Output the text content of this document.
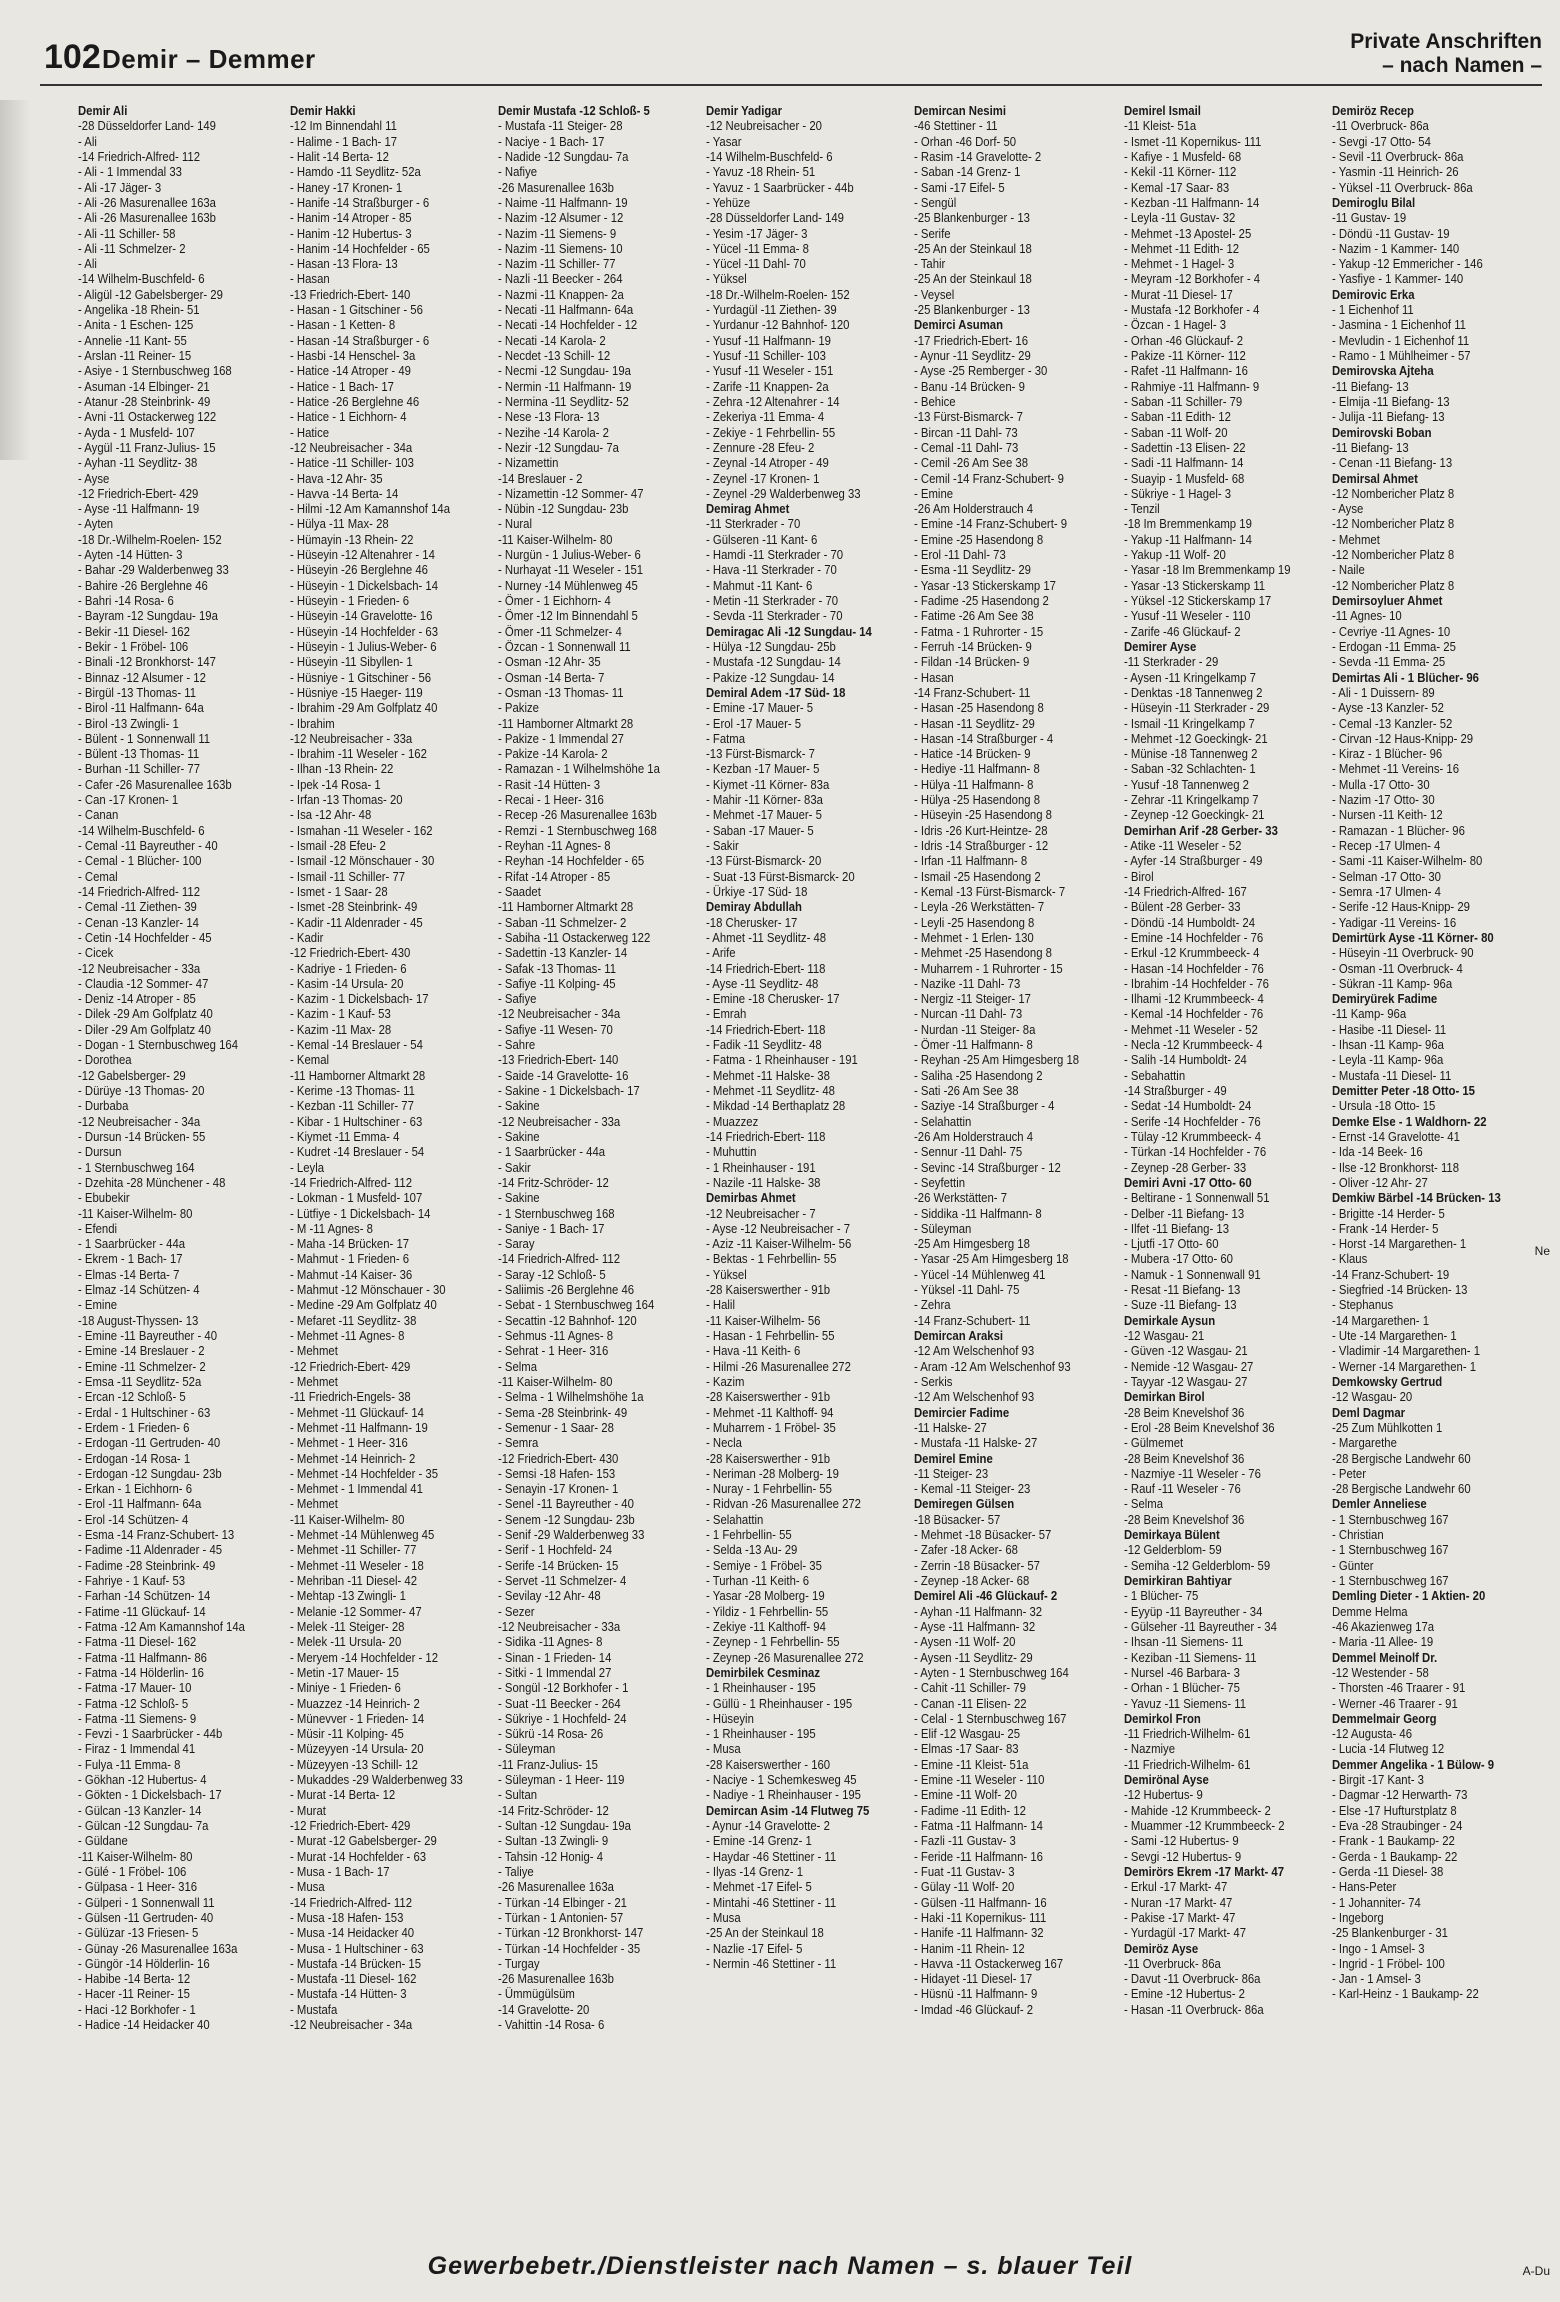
102 Demir – Demmer
Private Anschriften
– nach Namen –
Demir Ali
-28 Düsseldorfer Land- 149
- Ali
-14 Friedrich-Alfred- 112
- Ali - 1 Immendal 33
- Ali -17 Jäger- 3
- Ali -26 Masurenallee 163a
- Ali -26 Masurenallee 163b
- Ali -11 Schiller- 58
- Ali -11 Schmelzer- 2
- Ali
-14 Wilhelm-Buschfeld- 6
- Aligül -12 Gabelsberger- 29
- Angelika -18 Rhein- 51
- Anita - 1 Eschen- 125
- Annelie -11 Kant- 55
- Arslan -11 Reiner- 15
- Asiye - 1 Sternbuschweg 168
- Asuman -14 Elbinger- 21
- Atanur -28 Steinbrink- 49
- Avni -11 Ostackerweg 122
- Ayda - 1 Musfeld- 107
- Aygül -11 Franz-Julius- 15
- Ayhan -11 Seydlitz- 38
- Ayse
-12 Friedrich-Ebert- 429
- Ayse -11 Halfmann- 19
- Ayten
-18 Dr.-Wilhelm-Roelen- 152
- Ayten -14 Hütten- 3
- Bahar -29 Walderbenweg 33
- Bahire -26 Berglehne 46
- Bahri -14 Rosa- 6
- Bayram -12 Sungdau- 19a
- Bekir -11 Diesel- 162
- Bekir - 1 Fröbel- 106
- Binali -12 Bronkhorst- 147
- Binnaz -12 Alsumer - 12
- Birgül -13 Thomas- 11
- Birol -11 Halfmann- 64a
- Birol -13 Zwingli- 1
- Bülent - 1 Sonnenwall 11
- Bülent -13 Thomas- 11
- Burhan -11 Schiller- 77
- Cafer -26 Masurenallee 163b
- Can -17 Kronen- 1
- Canan
-14 Wilhelm-Buschfeld- 6
- Cemal -11 Bayreuther - 40
- Cemal - 1 Blücher- 100
- Cemal
-14 Friedrich-Alfred- 112
- Cemal -11 Ziethen- 39
- Cenan -13 Kanzler- 14
- Cetin -14 Hochfelder - 45
- Cicek
-12 Neubreisacher - 33a
- Claudia -12 Sommer- 47
- Deniz -14 Atroper - 85
- Dilek -29 Am Golfplatz 40
- Diler -29 Am Golfplatz 40
- Dogan - 1 Sternbuschweg 164
- Dorothea
-12 Gabelsberger- 29
- Dürüye -13 Thomas- 20
- Durbaba
-12 Neubreisacher - 34a
- Dursun -14 Brücken- 55
- Dursun
- 1 Sternbuschweg 164
- Dzehita -28 Münchener - 48
- Ebubekir
-11 Kaiser-Wilhelm- 80
- Efendi
- 1 Saarbrücker - 44a
- Ekrem - 1 Bach- 17
- Elmas -14 Berta- 7
- Elmaz -14 Schützen- 4
- Emine
-18 August-Thyssen- 13
- Emine -11 Bayreuther - 40
- Emine -14 Breslauer - 2
- Emine -11 Schmelzer- 2
- Emsa -11 Seydlitz- 52a
- Ercan -12 Schloß- 5
- Erdal - 1 Hultschiner - 63
- Erdem - 1 Frieden- 6
- Erdogan -11 Gertruden- 40
- Erdogan -14 Rosa- 1
- Erdogan -12 Sungdau- 23b
- Erkan - 1 Eichhorn- 6
- Erol -11 Halfmann- 64a
- Erol -14 Schützen- 4
- Esma -14 Franz-Schubert- 13
- Fadime -11 Aldenrader - 45
- Fadime -28 Steinbrink- 49
- Fahriye - 1 Kauf- 53
- Farhan -14 Schützen- 14
- Fatime -11 Glückauf- 14
- Fatma -12 Am Kamannshof 14a
- Fatma -11 Diesel- 162
- Fatma -11 Halfmann- 86
- Fatma -14 Hölderlin- 16
- Fatma -17 Mauer- 10
- Fatma -12 Schloß- 5
- Fatma -11 Siemens- 9
- Fevzi - 1 Saarbrücker - 44b
- Firaz - 1 Immendal 41
- Fulya -11 Emma- 8
- Gökhan -12 Hubertus- 4
- Gökten - 1 Dickelsbach- 17
- Gülcan -13 Kanzler- 14
- Gülcan -12 Sungdau- 7a
- Güldane
-11 Kaiser-Wilhelm- 80
- Gülé - 1 Fröbel- 106
- Gülpasa - 1 Heer- 316
- Gülperi - 1 Sonnenwall 11
- Gülsen -11 Gertruden- 40
- Gülüzar -13 Friesen- 5
- Günay -26 Masurenallee 163a
- Güngör -14 Hölderlin- 16
- Habibe -14 Berta- 12
- Hacer -11 Reiner- 15
- Haci -12 Borkhofer - 1
- Hadice -14 Heidacker 40
Demir Hakki
-12 Im Binnendahl 11
- Halime - 1 Bach- 17
- Halit -14 Berta- 12
- Hamdo -11 Seydlitz- 52a
- Haney -17 Kronen- 1
- Hanife -14 Straßburger - 6
- Hanim -14 Atroper - 85
- Hanim -12 Hubertus- 3
- Hanim -14 Hochfelder - 65
- Hasan -13 Flora- 13
- Hasan
-13 Friedrich-Ebert- 140
- Hasan - 1 Gitschiner - 56
- Hasan - 1 Ketten- 8
- Hasan -14 Straßburger - 6
- Hasbi -14 Henschel- 3a
- Hatice -14 Atroper - 49
- Hatice - 1 Bach- 17
- Hatice -26 Berglehne 46
- Hatice - 1 Eichhorn- 4
- Hatice
-12 Neubreisacher - 34a
- Hatice -11 Schiller- 103
- Hava -12 Ahr- 35
- Havva -14 Berta- 14
- Hilmi -12 Am Kamannshof 14a
- Hülya -11 Max- 28
- Hümayin -13 Rhein- 22
- Hüseyin -12 Altenahrer - 14
- Hüseyin -26 Berglehne 46
- Hüseyin - 1 Dickelsbach- 14
- Hüseyin - 1 Frieden- 6
- Hüseyin -14 Gravelotte- 16
- Hüseyin -14 Hochfelder - 63
- Hüseyin - 1 Julius-Weber- 6
- Hüseyin -11 Sibyllen- 1
- Hüsniye - 1 Gitschiner - 56
- Hüsniye -15 Haeger- 119
- Ibrahim -29 Am Golfplatz 40
- Ibrahim
-12 Neubreisacher - 33a
- Ibrahim -11 Weseler - 162
- Ilhan -13 Rhein- 22
- Ipek -14 Rosa- 1
- Irfan -13 Thomas- 20
- Isa -12 Ahr- 48
- Ismahan -11 Weseler - 162
- Ismail -28 Efeu- 2
- Ismail -12 Mönschauer - 30
- Ismail -11 Schiller- 77
- Ismet - 1 Saar- 28
- Ismet -28 Steinbrink- 49
- Kadir -11 Aldenrader - 45
- Kadir
-12 Friedrich-Ebert- 430
- Kadriye - 1 Frieden- 6
- Kasim -14 Ursula- 20
- Kazim - 1 Dickelsbach- 17
- Kazim - 1 Kauf- 53
- Kazim -11 Max- 28
- Kemal -14 Breslauer - 54
- Kemal
-11 Hamborner Altmarkt 28
- Kerime -13 Thomas- 11
- Kezban -11 Schiller- 77
- Kibar - 1 Hultschiner - 63
- Kiymet -11 Emma- 4
- Kudret -14 Breslauer - 54
- Leyla
-14 Friedrich-Alfred- 112
- Lokman - 1 Musfeld- 107
- Lütfiye - 1 Dickelsbach- 14
- M -11 Agnes- 8
- Maha -14 Brücken- 17
- Mahmut - 1 Frieden- 6
- Mahmut -14 Kaiser- 36
- Mahmut -12 Mönschauer - 30
- Medine -29 Am Golfplatz 40
- Mefaret -11 Seydlitz- 38
- Mehmet -11 Agnes- 8
- Mehmet
-12 Friedrich-Ebert- 429
- Mehmet
-11 Friedrich-Engels- 38
- Mehmet -11 Glückauf- 14
- Mehmet -11 Halfmann- 19
- Mehmet - 1 Heer- 316
- Mehmet -14 Heinrich- 2
- Mehmet -14 Hochfelder - 35
- Mehmet - 1 Immendal 41
- Mehmet
-11 Kaiser-Wilhelm- 80
- Mehmet -14 Mühlenweg 45
- Mehmet -11 Schiller- 77
- Mehmet -11 Weseler - 18
- Mehriban -11 Diesel- 42
- Mehtap -13 Zwingli- 1
- Melanie -12 Sommer- 47
- Melek -11 Steiger- 28
- Melek -11 Ursula- 20
- Meryem -14 Hochfelder - 12
- Metin -17 Mauer- 15
- Miniye - 1 Frieden- 6
- Muazzez -14 Heinrich- 2
- Münevver - 1 Frieden- 14
- Müsir -11 Kolping- 45
- Müzeyyen -14 Ursula- 20
- Müzeyyen -13 Schill- 12
- Mukaddes -29 Walderbenweg 33
- Murat -14 Berta- 12
- Murat
-12 Friedrich-Ebert- 429
- Murat -12 Gabelsberger- 29
- Murat -14 Hochfelder - 63
- Musa - 1 Bach- 17
- Musa
-14 Friedrich-Alfred- 112
- Musa -18 Hafen- 153
- Musa -14 Heidacker 40
- Musa - 1 Hultschiner - 63
- Mustafa -14 Brücken- 15
- Mustafa -11 Diesel- 162
- Mustafa -14 Hütten- 3
- Mustafa
-12 Neubreisacher - 34a
Demir Mustafa -12 Schloß- 5
- Mustafa -11 Steiger- 28
- Naciye - 1 Bach- 17
- Nadide -12 Sungdau- 7a
- Nafiye
-26 Masurenallee 163b
- Naime -11 Halfmann- 19
- Nazim -12 Alsumer - 12
- Nazim -11 Siemens- 9
- Nazim -11 Siemens- 10
- Nazim -11 Schiller- 77
- Nazli -11 Beecker - 264
- Nazmi -11 Knappen- 2a
- Necati -11 Halfmann- 64a
- Necati -14 Hochfelder - 12
- Necati -14 Karola- 2
- Necdet -13 Schill- 12
- Necmi -12 Sungdau- 19a
- Nermin -11 Halfmann- 19
- Nermina -11 Seydlitz- 52
- Nese -13 Flora- 13
- Nezihe -14 Karola- 2
- Nezir -12 Sungdau- 7a
- Nizamettin
-14 Breslauer - 2
- Nizamettin -12 Sommer- 47
- Nübin -12 Sungdau- 23b
- Nural
-11 Kaiser-Wilhelm- 80
- Nurgün - 1 Julius-Weber- 6
- Nurhayat -11 Weseler - 151
- Nurney -14 Mühlenweg 45
- Ömer - 1 Eichhorn- 4
- Ömer -12 Im Binnendahl 5
- Ömer -11 Schmelzer- 4
- Özcan - 1 Sonnenwall 11
- Osman -12 Ahr- 35
- Osman -14 Berta- 7
- Osman -13 Thomas- 11
- Pakize
-11 Hamborner Altmarkt 28
- Pakize - 1 Immendal 27
- Pakize -14 Karola- 2
- Ramazan - 1 Wilhelmshöhe 1a
- Rasit -14 Hütten- 3
- Recai - 1 Heer- 316
- Recep -26 Masurenallee 163b
- Remzi - 1 Sternbuschweg 168
- Reyhan -11 Agnes- 8
- Reyhan -14 Hochfelder - 65
- Rifat -14 Atroper - 85
- Saadet
-11 Hamborner Altmarkt 28
- Saban -11 Schmelzer- 2
- Sabiha -11 Ostackerweg 122
- Sadettin -13 Kanzler- 14
- Safak -13 Thomas- 11
- Safiye -11 Kolping- 45
- Safiye
-12 Neubreisacher - 34a
- Safiye -11 Wesen- 70
- Sahre
-13 Friedrich-Ebert- 140
- Saide -14 Gravelotte- 16
- Sakine - 1 Dickelsbach- 17
- Sakine
-12 Neubreisacher - 33a
- Sakine
- 1 Saarbrücker - 44a
- Sakir
-14 Fritz-Schröder- 12
- Sakine
- 1 Sternbuschweg 168
- Saniye - 1 Bach- 17
- Saray
-14 Friedrich-Alfred- 112
- Saray -12 Schloß- 5
- Saliimis -26 Berglehne 46
- Sebat - 1 Sternbuschweg 164
- Secattin -12 Bahnhof- 120
- Sehmus -11 Agnes- 8
- Sehrat - 1 Heer- 316
- Selma
-11 Kaiser-Wilhelm- 80
- Selma - 1 Wilhelmshöhe 1a
- Sema -28 Steinbrink- 49
- Semenur - 1 Saar- 28
- Semra
-12 Friedrich-Ebert- 430
- Semsi -18 Hafen- 153
- Senayin -17 Kronen- 1
- Senel -11 Bayreuther - 40
- Senem -12 Sungdau- 23b
- Senif -29 Walderbenweg 33
- Serif - 1 Hochfeld- 24
- Serife -14 Brücken- 15
- Servet -11 Schmelzer- 4
- Sevilay -12 Ahr- 48
- Sezer
-12 Neubreisacher - 33a
- Sidika -11 Agnes- 8
- Sinan - 1 Frieden- 14
- Sitki - 1 Immendal 27
- Songül -12 Borkhofer - 1
- Suat -11 Beecker - 264
- Sükriye - 1 Hochfeld- 24
- Sükrü -14 Rosa- 26
- Süleyman
-11 Franz-Julius- 15
- Süleyman - 1 Heer- 119
- Sultan
-14 Fritz-Schröder- 12
- Sultan -12 Sungdau- 19a
- Sultan -13 Zwingli- 9
- Tahsin -12 Honig- 4
- Taliye
-26 Masurenallee 163a
- Türkan -14 Elbinger - 21
- Türkan - 1 Antonien- 57
- Türkan -12 Bronkhorst- 147
- Türkan -14 Hochfelder - 35
- Turgay
-26 Masurenallee 163b
- Ümmügülsüm
-14 Gravelotte- 20
- Vahittin -14 Rosa- 6
Demir Yadigar
-12 Neubreisacher - 20
- Yasar
-14 Wilhelm-Buschfeld- 6
- Yavuz -18 Rhein- 51
- Yavuz - 1 Saarbrücker - 44b
- Yehüze
-28 Düsseldorfer Land- 149
- Yesim -17 Jäger- 3
- Yücel -11 Emma- 8
- Yücel -11 Dahl- 70
- Yüksel
-18 Dr.-Wilhelm-Roelen- 152
- Yurdagül -11 Ziethen- 39
- Yurdanur -12 Bahnhof- 120
- Yusuf -11 Halfmann- 19
- Yusuf -11 Schiller- 103
- Yusuf -11 Weseler - 151
- Zarife -11 Knappen- 2a
- Zehra -12 Altenahrer - 14
- Zekeriya -11 Emma- 4
- Zekiye - 1 Fehrbellin- 55
- Zennure -28 Efeu- 2
- Zeynal -14 Atroper - 49
- Zeynel -17 Kronen- 1
- Zeynel -29 Walderbenweg 33
Demirag Ahmet
-11 Sterkrader - 70
- Gülseren -11 Kant- 6
- Hamdi -11 Sterkrader - 70
- Hava -11 Sterkrader - 70
- Mahmut -11 Kant- 6
- Metin -11 Sterkrader - 70
- Sevda -11 Sterkrader - 70
Demiragac Ali -12 Sungdau- 14
- Hülya -12 Sungdau- 25b
- Mustafa -12 Sungdau- 14
- Pakize -12 Sungdau- 14
Demiral Adem -17 Süd- 18
- Emine -17 Mauer- 5
- Erol -17 Mauer- 5
- Fatma
-13 Fürst-Bismarck- 7
- Kezban -17 Mauer- 5
- Kiymet -11 Körner- 83a
- Mahir -11 Körner- 83a
- Mehmet -17 Mauer- 5
- Saban -17 Mauer- 5
- Sakir
-13 Fürst-Bismarck- 20
- Suat -13 Fürst-Bismarck- 20
- Ürkiye -17 Süd- 18
Demiray Abdullah
-18 Cherusker- 17
- Ahmet -11 Seydlitz- 48
- Arife
-14 Friedrich-Ebert- 118
- Ayse -11 Seydlitz- 48
- Emine -18 Cherusker- 17
- Emrah
-14 Friedrich-Ebert- 118
- Fadik -11 Seydlitz- 48
- Fatma - 1 Rheinhauser - 191
- Mehmet -11 Halske- 38
- Mehmet -11 Seydlitz- 48
- Mikdad -14 Berthaplatz 28
- Muazzez
-14 Friedrich-Ebert- 118
- Muhuttin
- 1 Rheinhauser - 191
- Nazile -11 Halske- 38
Demirbas Ahmet
-12 Neubreisacher - 7
- Ayse -12 Neubreisacher - 7
- Aziz -11 Kaiser-Wilhelm- 56
- Bektas - 1 Fehrbellin- 55
- Yüksel
-28 Kaiserswerther - 91b
- Halil
-11 Kaiser-Wilhelm- 56
- Hasan - 1 Fehrbellin- 55
- Hava -11 Keith- 6
- Hilmi -26 Masurenallee 272
- Kazim
-28 Kaiserswerther - 91b
- Mehmet -11 Kalthoff- 94
- Muharrem - 1 Fröbel- 35
- Necla
-28 Kaiserswerther - 91b
- Neriman -28 Molberg- 19
- Nuray - 1 Fehrbellin- 55
- Ridvan -26 Masurenallee 272
- Selahattin
- 1 Fehrbellin- 55
- Selda -13 Au- 29
- Semiye - 1 Fröbel- 35
- Turhan -11 Keith- 6
- Yasar -28 Molberg- 19
- Yildiz - 1 Fehrbellin- 55
- Zekiye -11 Kalthoff- 94
- Zeynep - 1 Fehrbellin- 55
- Zeynep -26 Masurenallee 272
Demirbilek Cesminaz
- 1 Rheinhauser - 195
- Güllü - 1 Rheinhauser - 195
- Hüseyin
- 1 Rheinhauser - 195
- Musa
-28 Kaiserswerther - 160
- Naciye - 1 Schemkesweg 45
- Nadiye - 1 Rheinhauser - 195
Demircan Asim -14 Flutweg 75
- Aynur -14 Gravelotte- 2
- Emine -14 Grenz- 1
- Haydar -46 Stettiner - 11
- Ilyas -14 Grenz- 1
- Mehmet -17 Eifel- 5
- Mintahi -46 Stettiner - 11
- Musa
-25 An der Steinkaul 18
- Nazlie -17 Eifel- 5
- Nermin -46 Stettiner - 11
Demircan Nesimi
-46 Stettiner - 11
- Orhan -46 Dorf- 50
- Rasim -14 Gravelotte- 2
- Saban -14 Grenz- 1
- Sami -17 Eifel- 5
- Sengül
-25 Blankenburger - 13
- Serife
-25 An der Steinkaul 18
- Tahir
-25 An der Steinkaul 18
- Veysel
-25 Blankenburger - 13
Demirci Asuman
-17 Friedrich-Ebert- 16
- Aynur -11 Seydlitz- 29
- Ayse -25 Remberger - 30
- Banu -14 Brücken- 9
- Behice
-13 Fürst-Bismarck- 7
- Bircan -11 Dahl- 73
- Cemal -11 Dahl- 73
- Cemil -26 Am See 38
- Cemil -14 Franz-Schubert- 9
- Emine
-26 Am Holderstrauch 4
- Emine -14 Franz-Schubert- 9
- Emine -25 Hasendong 8
- Erol -11 Dahl- 73
- Esma -11 Seydlitz- 29
- Yasar -13 Stickerskamp 17
- Fadime -25 Hasendong 2
- Fatime -26 Am See 38
- Fatma - 1 Ruhrorter - 15
- Ferruh -14 Brücken- 9
- Fildan -14 Brücken- 9
- Hasan
-14 Franz-Schubert- 11
- Hasan -25 Hasendong 8
- Hasan -11 Seydlitz- 29
- Hasan -14 Straßburger - 4
- Hatice -14 Brücken- 9
- Hediye -11 Halfmann- 8
- Hülya -11 Halfmann- 8
- Hülya -25 Hasendong 8
- Hüseyin -25 Hasendong 8
- Idris -26 Kurt-Heintze- 28
- Idris -14 Straßburger - 12
- Irfan -11 Halfmann- 8
- Ismail -25 Hasendong 2
- Kemal -13 Fürst-Bismarck- 7
- Leyla -26 Werkstätten- 7
- Leyli -25 Hasendong 8
- Mehmet - 1 Erlen- 130
- Mehmet -25 Hasendong 8
- Muharrem - 1 Ruhrorter - 15
- Nazike -11 Dahl- 73
- Nergiz -11 Steiger- 17
- Nurcan -11 Dahl- 73
- Nurdan -11 Steiger- 8a
- Ömer -11 Halfmann- 8
- Reyhan -25 Am Himgesberg 18
- Saliha -25 Hasendong 2
- Sati -26 Am See 38
- Saziye -14 Straßburger - 4
- Selahattin
-26 Am Holderstrauch 4
- Sennur -11 Dahl- 75
- Sevinc -14 Straßburger - 12
- Seyfettin
-26 Werkstätten- 7
- Siddika -11 Halfmann- 8
- Süleyman
-25 Am Himgesberg 18
- Yasar -25 Am Himgesberg 18
- Yücel -14 Mühlenweg 41
- Yüksel -11 Dahl- 75
- Zehra
-14 Franz-Schubert- 11
Demircan Araksi
-12 Am Welschenhof 93
- Aram -12 Am Welschenhof 93
- Serkis
-12 Am Welschenhof 93
Demircier Fadime
-11 Halske- 27
- Mustafa -11 Halske- 27
Demirel Emine
-11 Steiger- 23
- Kemal -11 Steiger- 23
Demiregen Gülsen
-18 Büsacker- 57
- Mehmet -18 Büsacker- 57
- Zafer -18 Acker- 68
- Zerrin -18 Büsacker- 57
- Zeynep -18 Acker- 68
Demirel Ali -46 Glückauf- 2
- Ayhan -11 Halfmann- 32
- Ayse -11 Halfmann- 32
- Aysen -11 Wolf- 20
- Aysen -11 Seydlitz- 29
- Ayten - 1 Sternbuschweg 164
- Cahit -11 Schiller- 79
- Canan -11 Elisen- 22
- Celal - 1 Sternbuschweg 167
- Elif -12 Wasgau- 25
- Elmas -17 Saar- 83
- Emine -11 Kleist- 51a
- Emine -11 Weseler - 110
- Emine -11 Wolf- 20
- Fadime -11 Edith- 12
- Fatma -11 Halfmann- 14
- Fazli -11 Gustav- 3
- Feride -11 Halfmann- 16
- Fuat -11 Gustav- 3
- Gülay -11 Wolf- 20
- Gülsen -11 Halfmann- 16
- Haki -11 Kopernikus- 111
- Hanife -11 Halfmann- 32
- Hanim -11 Rhein- 12
- Havva -11 Ostackerweg 167
- Hidayet -11 Diesel- 17
- Hüsnü -11 Halfmann- 9
- Imdad -46 Glückauf- 2
Demirel Ismail
-11 Kleist- 51a
- Ismet -11 Kopernikus- 111
- Kafiye - 1 Musfeld- 68
- Kekil -11 Körner- 112
- Kemal -17 Saar- 83
- Kezban -11 Halfmann- 14
- Leyla -11 Gustav- 32
- Mehmet -13 Apostel- 25
- Mehmet -11 Edith- 12
- Mehmet - 1 Hagel- 3
- Meyram -12 Borkhofer - 4
- Murat -11 Diesel- 17
- Mustafa -12 Borkhofer - 4
- Özcan - 1 Hagel- 3
- Orhan -46 Glückauf- 2
- Pakize -11 Körner- 112
- Rafet -11 Halfmann- 16
- Rahmiye -11 Halfmann- 9
- Saban -11 Schiller- 79
- Saban -11 Edith- 12
- Saban -11 Wolf- 20
- Sadettin -13 Elisen- 22
- Sadi -11 Halfmann- 14
- Suayip - 1 Musfeld- 68
- Sükriye - 1 Hagel- 3
- Tenzil
-18 Im Bremmenkamp 19
- Yakup -11 Halfmann- 14
- Yakup -11 Wolf- 20
- Yasar -18 Im Bremmenkamp 19
- Yasar -13 Stickerskamp 11
- Yüksel -12 Stickerskamp 17
- Yusuf -11 Weseler - 110
- Zarife -46 Glückauf- 2
Demirer Ayse
-11 Sterkrader - 29
- Aysen -11 Kringelkamp 7
- Denktas -18 Tannenweg 2
- Hüseyin -11 Sterkrader - 29
- Ismail -11 Kringelkamp 7
- Mehmet -12 Goeckingk- 21
- Münise -18 Tannenweg 2
- Saban -32 Schlachten- 1
- Yusuf -18 Tannenweg 2
- Zehrar -11 Kringelkamp 7
- Zeynep -12 Goeckingk- 21
Demirhan Arif -28 Gerber- 33
- Atike -11 Weseler - 52
- Ayfer -14 Straßburger - 49
- Birol
-14 Friedrich-Alfred- 167
- Bülent -28 Gerber- 33
- Döndü -14 Humboldt- 24
- Emine -14 Hochfelder - 76
- Erkul -12 Krummbeeck- 4
- Hasan -14 Hochfelder - 76
- Ibrahim -14 Hochfelder - 76
- Ilhami -12 Krummbeeck- 4
- Kemal -14 Hochfelder - 76
- Mehmet -11 Weseler - 52
- Necla -12 Krummbeeck- 4
- Salih -14 Humboldt- 24
- Sebahattin
-14 Straßburger - 49
- Sedat -14 Humboldt- 24
- Serife -14 Hochfelder - 76
- Tülay -12 Krummbeeck- 4
- Türkan -14 Hochfelder - 76
- Zeynep -28 Gerber- 33
Demiri Avni -17 Otto- 60
- Beltirane - 1 Sonnenwall 51
- Delber -11 Biefang- 13
- Ilfet -11 Biefang- 13
- Ljutfi -17 Otto- 60
- Mubera -17 Otto- 60
- Namuk - 1 Sonnenwall 91
- Resat -11 Biefang- 13
- Suze -11 Biefang- 13
Demirkale Aysun
-12 Wasgau- 21
- Güven -12 Wasgau- 21
- Nemide -12 Wasgau- 27
- Tayyar -12 Wasgau- 27
Demirkan Birol
-28 Beim Knevelshof 36
- Erol -28 Beim Knevelshof 36
- Gülmemet
-28 Beim Knevelshof 36
- Nazmiye -11 Weseler - 76
- Rauf -11 Weseler - 76
- Selma
-28 Beim Knevelshof 36
Demirkaya Bülent
-12 Gelderblom- 59
- Semiha -12 Gelderblom- 59
Demirkiran Bahtiyar
- 1 Blücher- 75
- Eyyüp -11 Bayreuther - 34
- Gülseher -11 Bayreuther - 34
- Ihsan -11 Siemens- 11
- Keziban -11 Siemens- 11
- Nursel -46 Barbara- 3
- Orhan - 1 Blücher- 75
- Yavuz -11 Siemens- 11
Demirkol Fron
-11 Friedrich-Wilhelm- 61
- Nazmiye
-11 Friedrich-Wilhelm- 61
Demirönal Ayse
-12 Hubertus- 9
- Mahide -12 Krummbeeck- 2
- Muammer -12 Krummbeeck- 2
- Sami -12 Hubertus- 9
- Sevgi -12 Hubertus- 9
Demirörs Ekrem -17 Markt- 47
- Erkul -17 Markt- 47
- Nuran -17 Markt- 47
- Pakise -17 Markt- 47
- Yurdagül -17 Markt- 47
Demiröz Ayse
-11 Overbruck- 86a
- Davut -11 Overbruck- 86a
- Emine -12 Hubertus- 2
- Hasan -11 Overbruck- 86a
Demiröz Recep
-11 Overbruck- 86a
- Sevgi -17 Otto- 54
- Sevil -11 Overbruck- 86a
- Yasmin -11 Heinrich- 26
- Yüksel -11 Overbruck- 86a
Demiroglu Bilal
-11 Gustav- 19
- Döndü -11 Gustav- 19
- Nazim - 1 Kammer- 140
- Yakup -12 Emmericher - 146
- Yasfiye - 1 Kammer- 140
Demirovic Erka
- 1 Eichenhof 11
- Jasmina - 1 Eichenhof 11
- Mevludin - 1 Eichenhof 11
- Ramo - 1 Mühlheimer - 57
Demirovska Ajteha
-11 Biefang- 13
- Elmija -11 Biefang- 13
- Julija -11 Biefang- 13
Demirovski Boban
-11 Biefang- 13
- Cenan -11 Biefang- 13
Demirsal Ahmet
-12 Nombericher Platz 8
- Ayse
-12 Nombericher Platz 8
- Mehmet
-12 Nombericher Platz 8
- Naile
-12 Nombericher Platz 8
Demirsoyluer Ahmet
-11 Agnes- 10
- Cevriye -11 Agnes- 10
- Erdogan -11 Emma- 25
- Sevda -11 Emma- 25
Demirtas Ali - 1 Blücher- 96
- Ali - 1 Duissern- 89
- Ayse -13 Kanzler- 52
- Cemal -13 Kanzler- 52
- Cirvan -12 Haus-Knipp- 29
- Kiraz - 1 Blücher- 96
- Mehmet -11 Vereins- 16
- Mulla -17 Otto- 30
- Nazim -17 Otto- 30
- Nursen -11 Keith- 12
- Ramazan - 1 Blücher- 96
- Recep -17 Ulmen- 4
- Sami -11 Kaiser-Wilhelm- 80
- Selman -17 Otto- 30
- Semra -17 Ulmen- 4
- Serife -12 Haus-Knipp- 29
- Yadigar -11 Vereins- 16
Demirtürk Ayse -11 Körner- 80
- Hüseyin -11 Overbruck- 90
- Osman -11 Overbruck- 4
- Sükran -11 Kamp- 96a
Demiryürek Fadime
-11 Kamp- 96a
- Hasibe -11 Diesel- 11
- Ihsan -11 Kamp- 96a
- Leyla -11 Kamp- 96a
- Mustafa -11 Diesel- 11
Demitter Peter -18 Otto- 15
- Ursula -18 Otto- 15
Demke Else - 1 Waldhorn- 22
- Ernst -14 Gravelotte- 41
- Ida -14 Beek- 16
- Ilse -12 Bronkhorst- 118
- Oliver -12 Ahr- 27
Demkiw Bärbel -14 Brücken- 13
- Brigitte -14 Herder- 5
- Frank -14 Herder- 5
- Horst -14 Margarethen- 1
- Klaus
-14 Franz-Schubert- 19
- Siegfried -14 Brücken- 13
- Stephanus
-14 Margarethen- 1
- Ute -14 Margarethen- 1
- Vladimir -14 Margarethen- 1
- Werner -14 Margarethen- 1
Demkowsky Gertrud
-12 Wasgau- 20
Deml Dagmar
-25 Zum Mühlkotten 1
- Margarethe
-28 Bergische Landwehr 60
- Peter
-28 Bergische Landwehr 60
Demler Anneliese
- 1 Sternbuschweg 167
- Christian
- 1 Sternbuschweg 167
- Günter
- 1 Sternbuschweg 167
Demling Dieter - 1 Aktien- 20
Demme Helma
-46 Akazienweg 17a
- Maria -11 Allee- 19
Demmel Meinolf Dr.
-12 Westender - 58
- Thorsten -46 Traarer - 91
- Werner -46 Traarer - 91
Demmelmair Georg
-12 Augusta- 46
- Lucia -14 Flutweg 12
Demmer Angelika - 1 Bülow- 9
- Birgit -17 Kant- 3
- Dagmar -12 Herwarth- 73
- Else -17 Hufturstplatz 8
- Eva -28 Straubinger - 24
- Frank - 1 Baukamp- 22
- Gerda - 1 Baukamp- 22
- Gerda -11 Diesel- 38
- Hans-Peter
- 1 Johanniter- 74
- Ingeborg
-25 Blankenburger - 31
- Ingo - 1 Amsel- 3
- Ingrid - 1 Fröbel- 100
- Jan - 1 Amsel- 3
- Karl-Heinz - 1 Baukamp- 22
Ne
Gewerbebetr./Dienstleister nach Namen – s. blauer Teil	A-Du
